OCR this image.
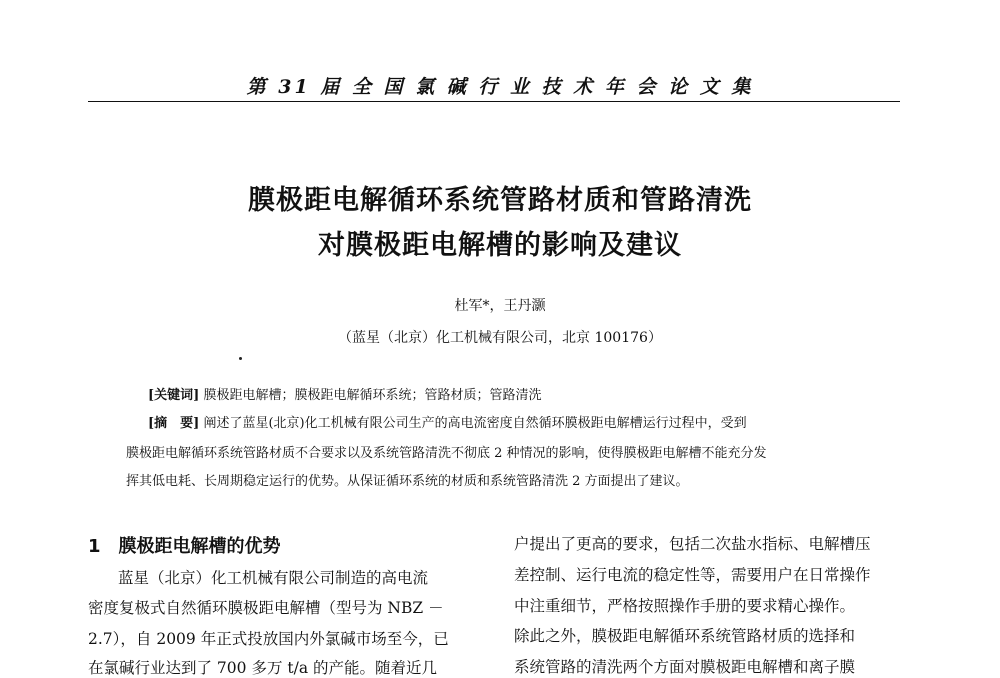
第 31 届 全 国 氯 碱 行 业 技 术 年 会 论 文 集
膜极距电解循环系统管路材质和管路清洗
对膜极距电解槽的影响及建议
杜军*，王丹灏
（蓝星（北京）化工机械有限公司，北京 100176）
[关键词] 膜极距电解槽；膜极距电解循环系统；管路材质；管路清洗
[摘　要] 阐述了蓝星(北京)化工机械有限公司生产的高电流密度自然循环膜极距电解槽运行过程中，受到
膜极距电解循环系统管路材质不合要求以及系统管路清洗不彻底 2 种情况的影响，使得膜极距电解槽不能充分发
挥其低电耗、长周期稳定运行的优势。从保证循环系统的材质和系统管路清洗 2 方面提出了建议。
1　膜极距电解槽的优势
蓝星（北京）化工机械有限公司制造的高电流
密度复极式自然循环膜极距电解槽（型号为 NBZ －
2.7），自 2009 年正式投放国内外氯碱市场至今，已
在氯碱行业达到了 700 多万 t/a 的产能。随着近几
户提出了更高的要求，包括二次盐水指标、电解槽压
差控制、运行电流的稳定性等，需要用户在日常操作
中注重细节，严格按照操作手册的要求精心操作。
除此之外，膜极距电解循环系统管路材质的选择和
系统管路的清洗两个方面对膜极距电解槽和离子膜
